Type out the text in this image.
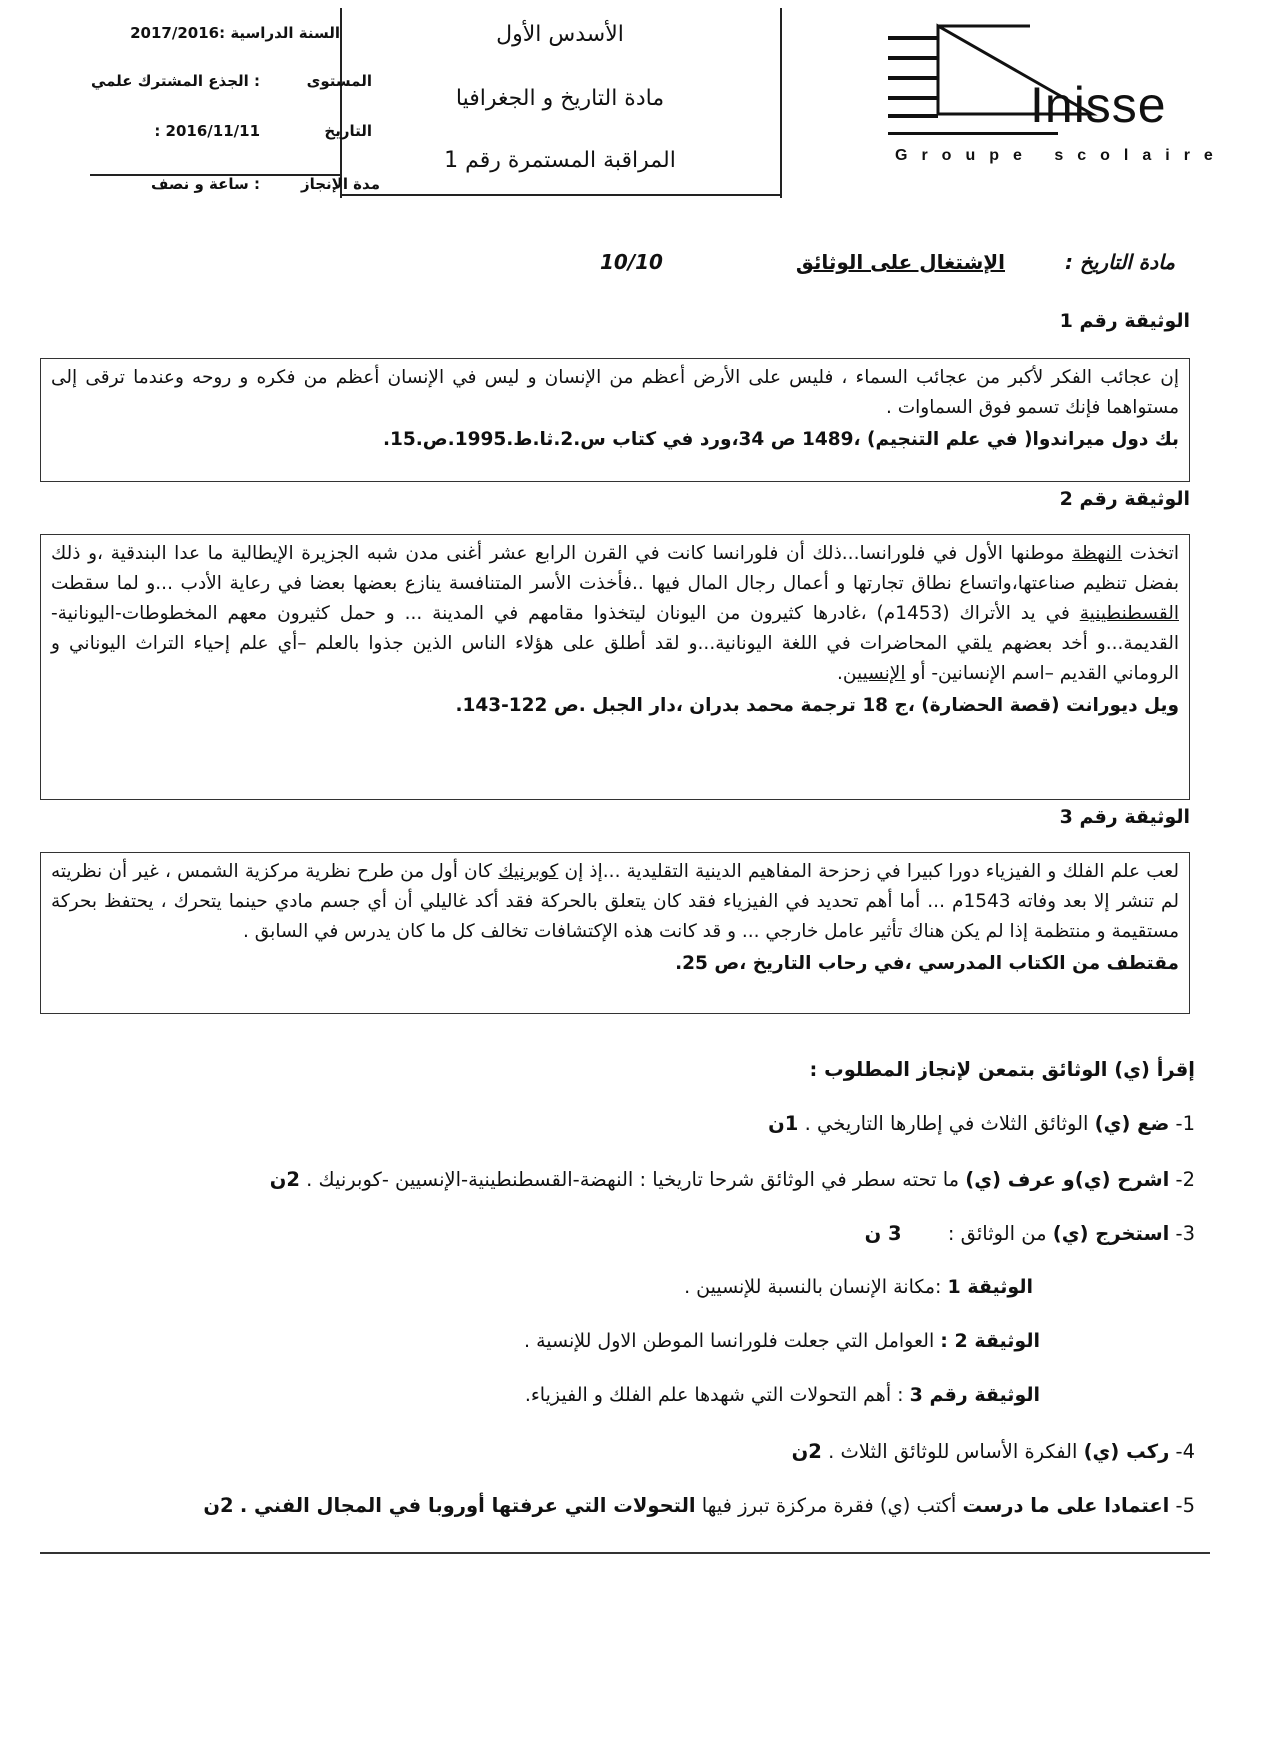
السنة الدراسية :2017/2016
المستوى
: الجذع المشترك علمي
التاريخ
2016/11/11 :
مدة الإنجاز
: ساعة و نصف
الأسدس الأول
مادة التاريخ و الجغرافيا
المراقبة المستمرة رقم 1
Inisse
Groupe scolaire
مادة التاريخ :
الإشتغال على الوثائق
10/10
الوثيقة رقم 1
إن عجائب الفكر لأكبر من عجائب السماء ، فليس على الأرض أعظم من الإنسان و ليس في الإنسان أعظم من فكره و روحه وعندما ترقى إلى مستواهما فإنك تسمو فوق السماوات .
بك دول ميراندوا( في علم التنجيم) ،1489 ص 34،ورد في كتاب س.2.ثا.ط.1995.ص.15.
الوثيقة رقم 2
اتخذت النهظة موطنها الأول في فلورانسا...ذلك أن فلورانسا كانت في القرن الرابع عشر أغنى مدن شبه الجزيرة الإيطالية ما عدا البندقية ،و ذلك بفضل تنظيم صناعتها،واتساع نطاق تجارتها و أعمال رجال المال فيها ..فأخذت الأسر المتنافسة ينازع بعضها بعضا في رعاية الأدب ...و لما سقطت القسطنطينية في يد الأتراك (1453م) ،غادرها كثيرون من اليونان ليتخذوا مقامهم في المدينة ... و حمل كثيرون معهم المخطوطات-اليونانية- القديمة...و أخد بعضهم يلقي المحاضرات في اللغة اليونانية...و لقد أطلق على هؤلاء الناس الذين جذوا بالعلم –أي علم إحياء التراث اليوناني و الروماني القديم –اسم الإنسانين- أو الإنسيين.
ويل ديورانت (قصة الحضارة) ،ج 18 ترجمة محمد بدران ،دار الجبل .ص 122-143.
الوثيقة رقم 3
لعب علم الفلك و الفيزياء دورا كبيرا في زحزحة المفاهيم الدينية التقليدية ...إذ إن كوبرنيك كان أول من طرح نظرية مركزية الشمس ، غير أن نظريته لم تنشر إلا بعد وفاته 1543م ... أما أهم تحديد في الفيزياء فقد كان يتعلق بالحركة فقد أكد غاليلي أن أي جسم مادي حينما يتحرك ، يحتفظ بحركة مستقيمة و منتظمة إذا لم يكن هناك تأثير عامل خارجي ... و قد كانت هذه الإكتشافات تخالف كل ما كان يدرس في السابق .
مقتطف من الكتاب المدرسي ،في رحاب التاريخ ،ص 25.
إقرأ (ي) الوثائق بتمعن لإنجاز المطلوب :
1- ضع (ي) الوثائق الثلاث في إطارها التاريخي . 1ن
2- اشرح (ي)و عرف (ي) ما تحته سطر في الوثائق شرحا تاريخيا : النهضة-القسطنطينية-الإنسيين -كوبرنيك . 2ن
3- استخرج (ي) من الوثائق : 3 ن
الوثيقة 1 :مكانة الإنسان بالنسبة للإنسيين .
الوثيقة 2 : العوامل التي جعلت فلورانسا الموطن الاول للإنسية .
الوثيقة رقم 3 : أهم التحولات التي شهدها علم الفلك و الفيزياء.
4- ركب (ي) الفكرة الأساس للوثائق الثلاث . 2ن
5- اعتمادا على ما درست أكتب (ي) فقرة مركزة تبرز فيها التحولات التي عرفتها أوروبا في المجال الفني . 2ن
